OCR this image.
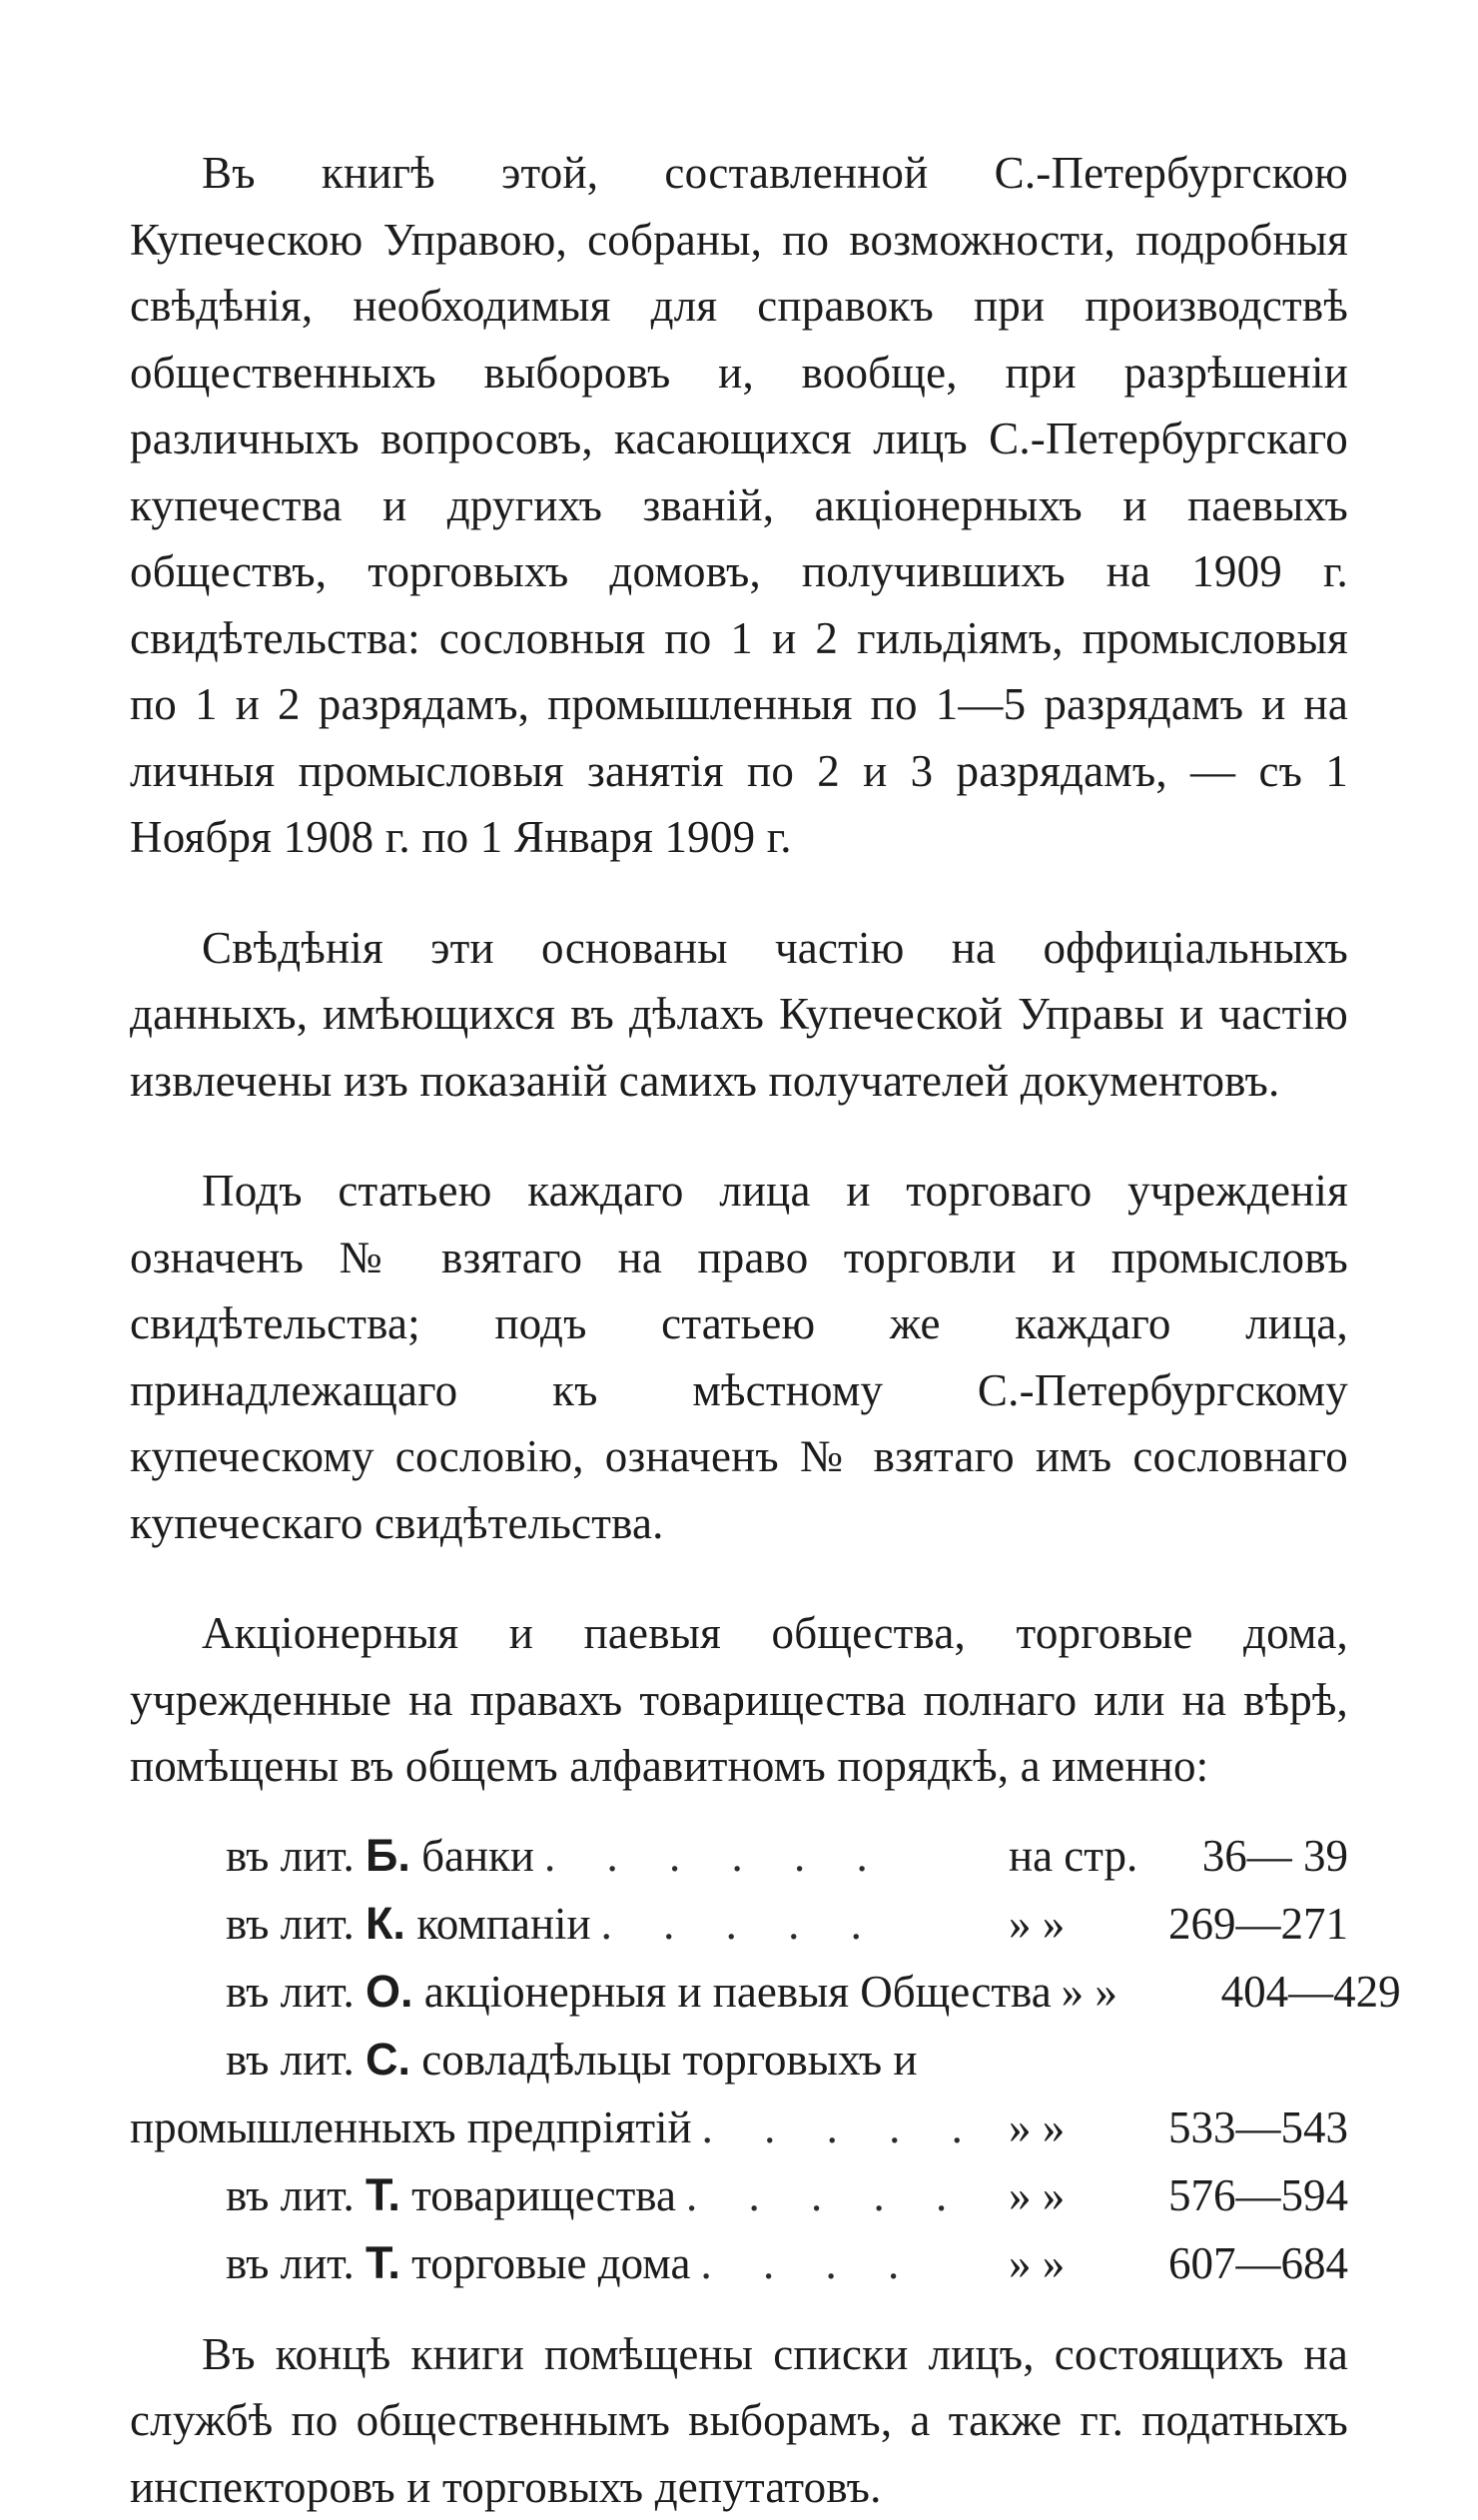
Въ книгѣ этой, составленной С.-Петербургскою Купеческою Управою, собраны, по возможности, подробныя свѣдѣнія, необходимыя для справокъ при производствѣ общественныхъ выборовъ и, вообще, при разрѣшеніи различныхъ вопросовъ, касающихся лицъ С.-Петербургскаго купечества и другихъ званій, акціонерныхъ и паевыхъ обществъ, торговыхъ домовъ, получившихъ на 1909 г. свидѣтельства: сословныя по 1 и 2 гильдіямъ, промысловыя по 1 и 2 разрядамъ, промышленныя по 1—5 разрядамъ и на личныя промысловыя занятія по 2 и 3 разрядамъ, — съ 1 Ноября 1908 г. по 1 Января 1909 г.

Свѣдѣнія эти основаны частію на оффиціальныхъ данныхъ, имѣющихся въ дѣлахъ Купеческой Управы и частію извлечены изъ показаній самихъ получателей документовъ.

Подъ статьею каждаго лица и торговаго учрежденія означенъ № взятаго на право торговли и промысловъ свидѣтельства; подъ статьею же каждаго лица, принадлежащаго къ мѣстному С.-Петербургскому купеческому сословію, означенъ № взятаго имъ сословнаго купеческаго свидѣтельства.

Акціонерныя и паевыя общества, торговые дома, учрежденные на правахъ товарищества полнаго или на вѣрѣ, помѣщены въ общемъ алфавитномъ порядкѣ, а именно:

въ лит. Б. банки . . . . . .	на стр.	36— 39
въ лит. К. компаніи . . . . .	» »	269—271
въ лит. О. акціонерныя и паевыя Общества » »	404—429
въ лит. С. совладѣльцы торговыхъ и
промышленныхъ предпріятій . . . . . » »	533—543
въ лит. Т. товарищества . . . . . » »	576—594
въ лит. Т. торговые дома . . . .	» »	607—684

Въ концѣ книги помѣщены списки лицъ, состоящихъ на службѣ по общественнымъ выборамъ, а также гг. податныхъ инспекторовъ и торговыхъ депутатовъ.
